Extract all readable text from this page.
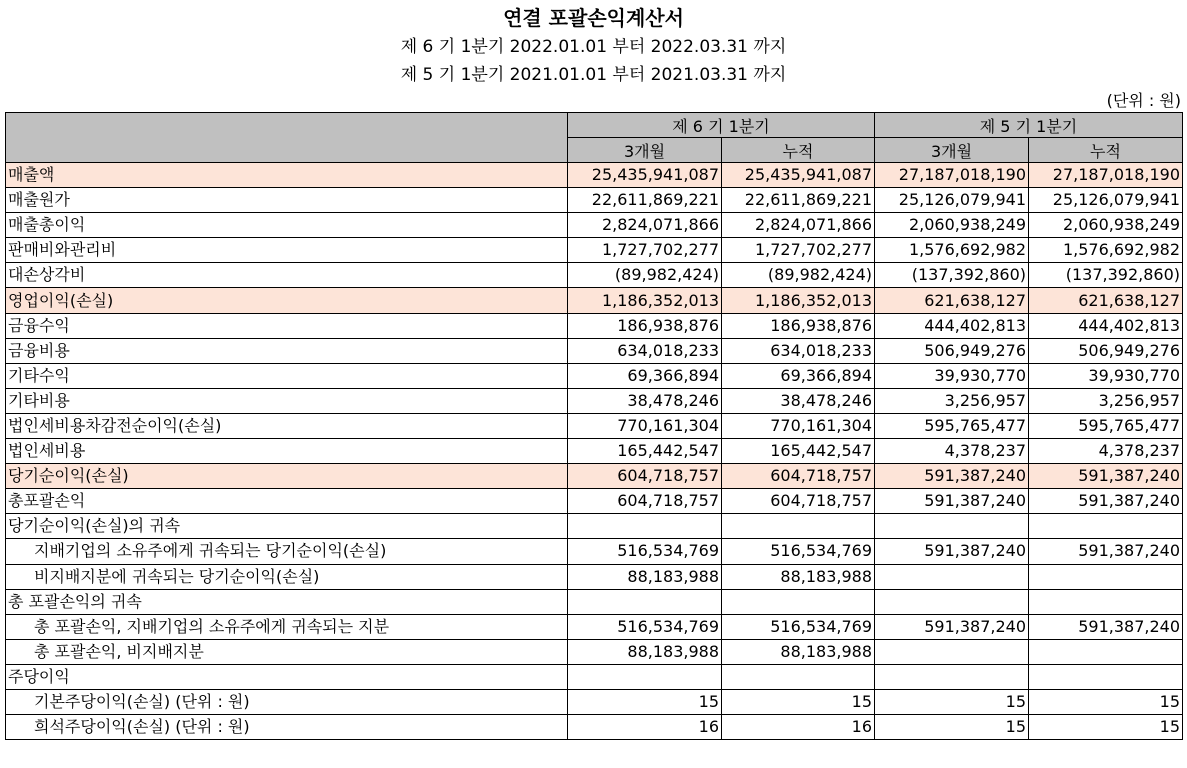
연결 포괄손익계산서
제 6 기 1분기 2022.01.01 부터 2022.03.31 까지
제 5 기 1분기 2021.01.01 부터 2021.03.31 까지
(단위 : 원)
	제 6 기 1분기		제 5 기 1분기	
	3개월	누적	3개월	누적
매출액	25,435,941,087	25,435,941,087	27,187,018,190	27,187,018,190
매출원가	22,611,869,221	22,611,869,221	25,126,079,941	25,126,079,941
매출총이익	2,824,071,866	2,824,071,866	2,060,938,249	2,060,938,249
판매비와관리비	1,727,702,277	1,727,702,277	1,576,692,982	1,576,692,982
대손상각비	(89,982,424)	(89,982,424)	(137,392,860)	(137,392,860)
영업이익(손실)	1,186,352,013	1,186,352,013	621,638,127	621,638,127
금융수익	186,938,876	186,938,876	444,402,813	444,402,813
금융비용	634,018,233	634,018,233	506,949,276	506,949,276
기타수익	69,366,894	69,366,894	39,930,770	39,930,770
기타비용	38,478,246	38,478,246	3,256,957	3,256,957
법인세비용차감전순이익(손실)	770,161,304	770,161,304	595,765,477	595,765,477
법인세비용	165,442,547	165,442,547	4,378,237	4,378,237
당기순이익(손실)	604,718,757	604,718,757	591,387,240	591,387,240
총포괄손익	604,718,757	604,718,757	591,387,240	591,387,240
당기순이익(손실)의 귀속				
지배기업의 소유주에게 귀속되는 당기순이익(손실)	516,534,769	516,534,769	591,387,240	591,387,240
비지배지분에 귀속되는 당기순이익(손실)	88,183,988	88,183,988		
총 포괄손익의 귀속				
총 포괄손익, 지배기업의 소유주에게 귀속되는 지분	516,534,769	516,534,769	591,387,240	591,387,240
총 포괄손익, 비지배지분	88,183,988	88,183,988		
주당이익				
기본주당이익(손실) (단위 : 원)	15	15	15	15
희석주당이익(손실) (단위 : 원)	16	16	15	15
